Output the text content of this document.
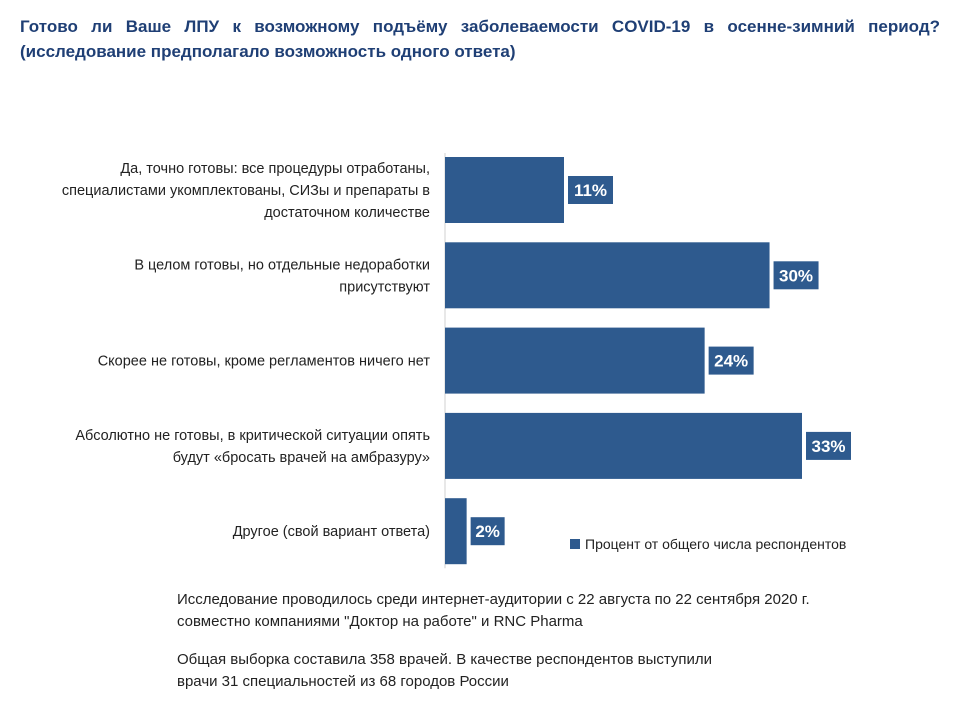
Готово ли Ваше ЛПУ к возможному подъёму заболеваемости COVID-19 в осенне-зимний период? (исследование предполагало возможность одного ответа)
11%
Да, точно готовы: все процедуры отработаны,
специалистами укомплектованы, СИЗы и препараты в
достаточном количестве
30%
В целом готовы, но отдельные недоработки
присутствуют
24%
Скорее не готовы, кроме регламентов ничего нет
33%
Абсолютно не готовы, в критической ситуации опять
будут «бросать врачей на амбразуру»
2%
Другое (свой вариант ответа)
Процент от общего числа респондентов
Исследование проводилось среди интернет-аудитории с 22 августа по 22 сентября 2020 г.
совместно компаниями "Доктор на работе" и RNC Pharma
Общая выборка составила 358 врачей. В качестве респондентов выступили
врачи 31 специальностей из 68 городов России
